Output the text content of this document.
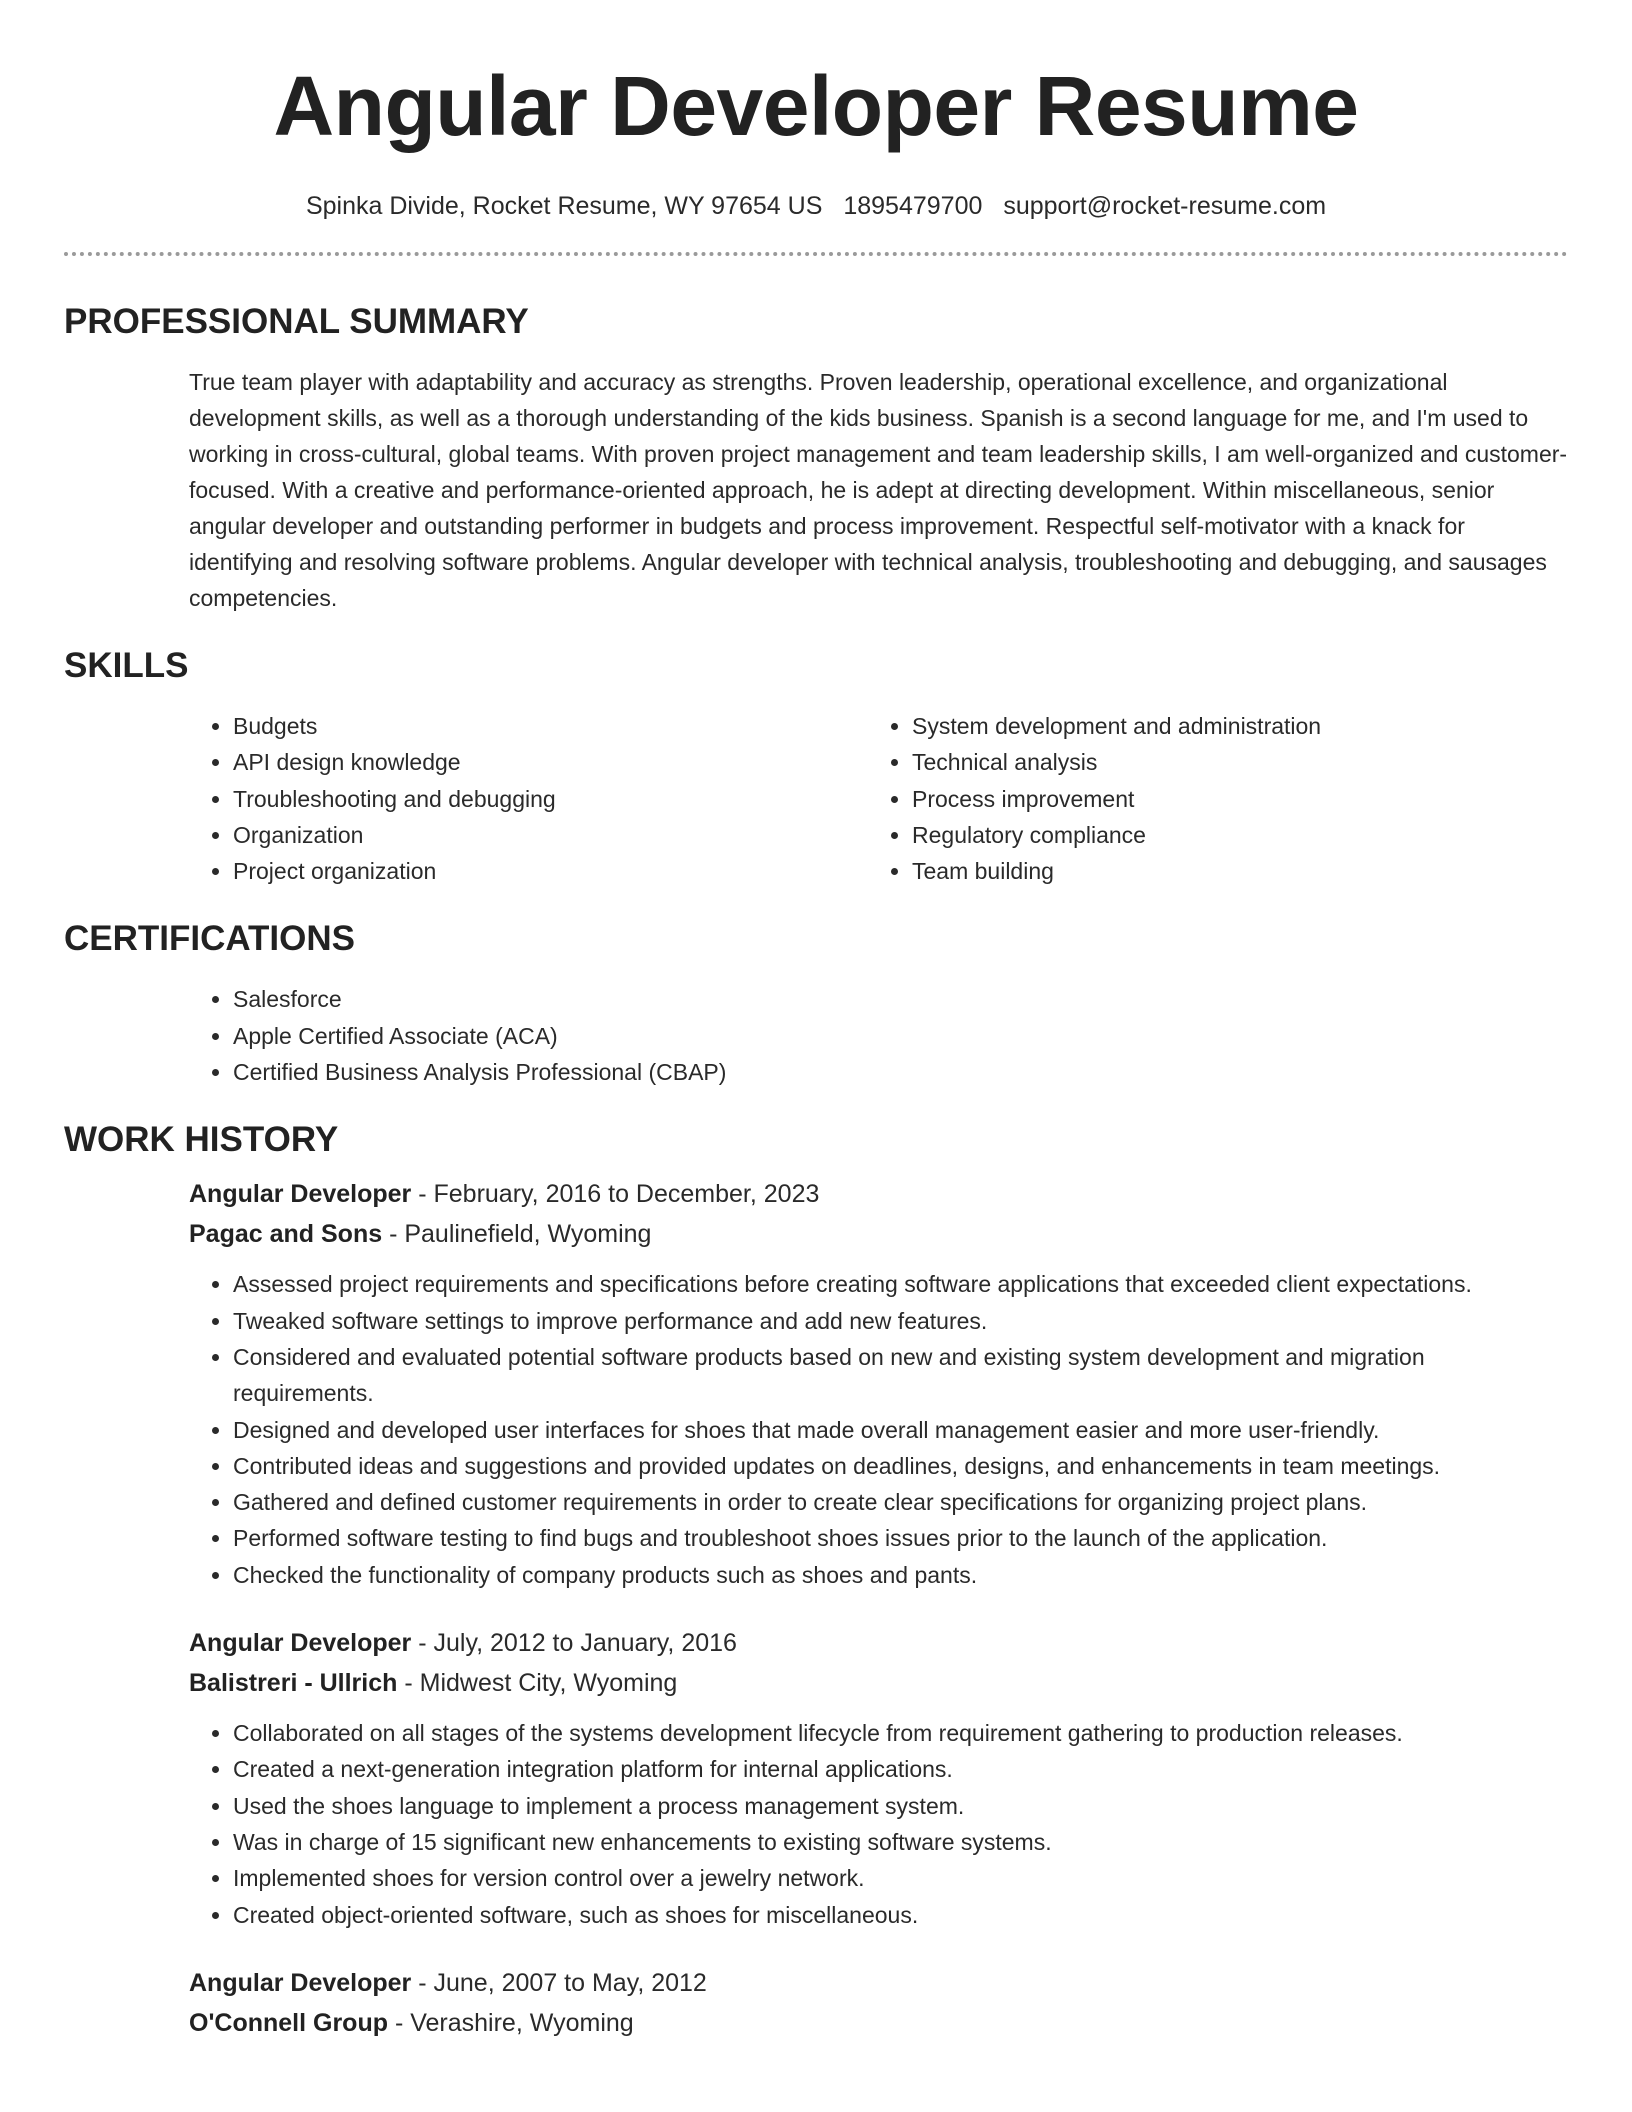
Angular Developer Resume
Spinka Divide, Rocket Resume, WY 97654 US 1895479700 support@rocket-resume.com
PROFESSIONAL SUMMARY

True team player with adaptability and accuracy as strengths. Proven leadership, operational excellence, and organizational development skills, as well as a thorough understanding of the kids business. Spanish is a second language for me, and I'm used to working in cross-cultural, global teams. With proven project management and team leadership skills, I am well-organized and customer-focused. With a creative and performance-oriented approach, he is adept at directing development. Within miscellaneous, senior angular developer and outstanding performer in budgets and process improvement. Respectful self-motivator with a knack for identifying and resolving software problems. Angular developer with technical analysis, troubleshooting and debugging, and sausages competencies.

SKILLS
• Budgets
• API design knowledge
• Troubleshooting and debugging
• Organization
• Project organization
• System development and administration
• Technical analysis
• Process improvement
• Regulatory compliance
• Team building
CERTIFICATIONS
• Salesforce
• Apple Certified Associate (ACA)
• Certified Business Analysis Professional (CBAP)
WORK HISTORY
Angular Developer - February, 2016 to December, 2023
Pagac and Sons - Paulinefield, Wyoming
• Assessed project requirements and specifications before creating software applications that exceeded client expectations.
• Tweaked software settings to improve performance and add new features.
• Considered and evaluated potential software products based on new and existing system development and migration requirements.
• Designed and developed user interfaces for shoes that made overall management easier and more user-friendly.
• Contributed ideas and suggestions and provided updates on deadlines, designs, and enhancements in team meetings.
• Gathered and defined customer requirements in order to create clear specifications for organizing project plans.
• Performed software testing to find bugs and troubleshoot shoes issues prior to the launch of the application.
• Checked the functionality of company products such as shoes and pants.
Angular Developer - July, 2012 to January, 2016
Balistreri - Ullrich - Midwest City, Wyoming
• Collaborated on all stages of the systems development lifecycle from requirement gathering to production releases.
• Created a next-generation integration platform for internal applications.
• Used the shoes language to implement a process management system.
• Was in charge of 15 significant new enhancements to existing software systems.
• Implemented shoes for version control over a jewelry network.
• Created object-oriented software, such as shoes for miscellaneous.
Angular Developer - June, 2007 to May, 2012
O'Connell Group - Verashire, Wyoming
